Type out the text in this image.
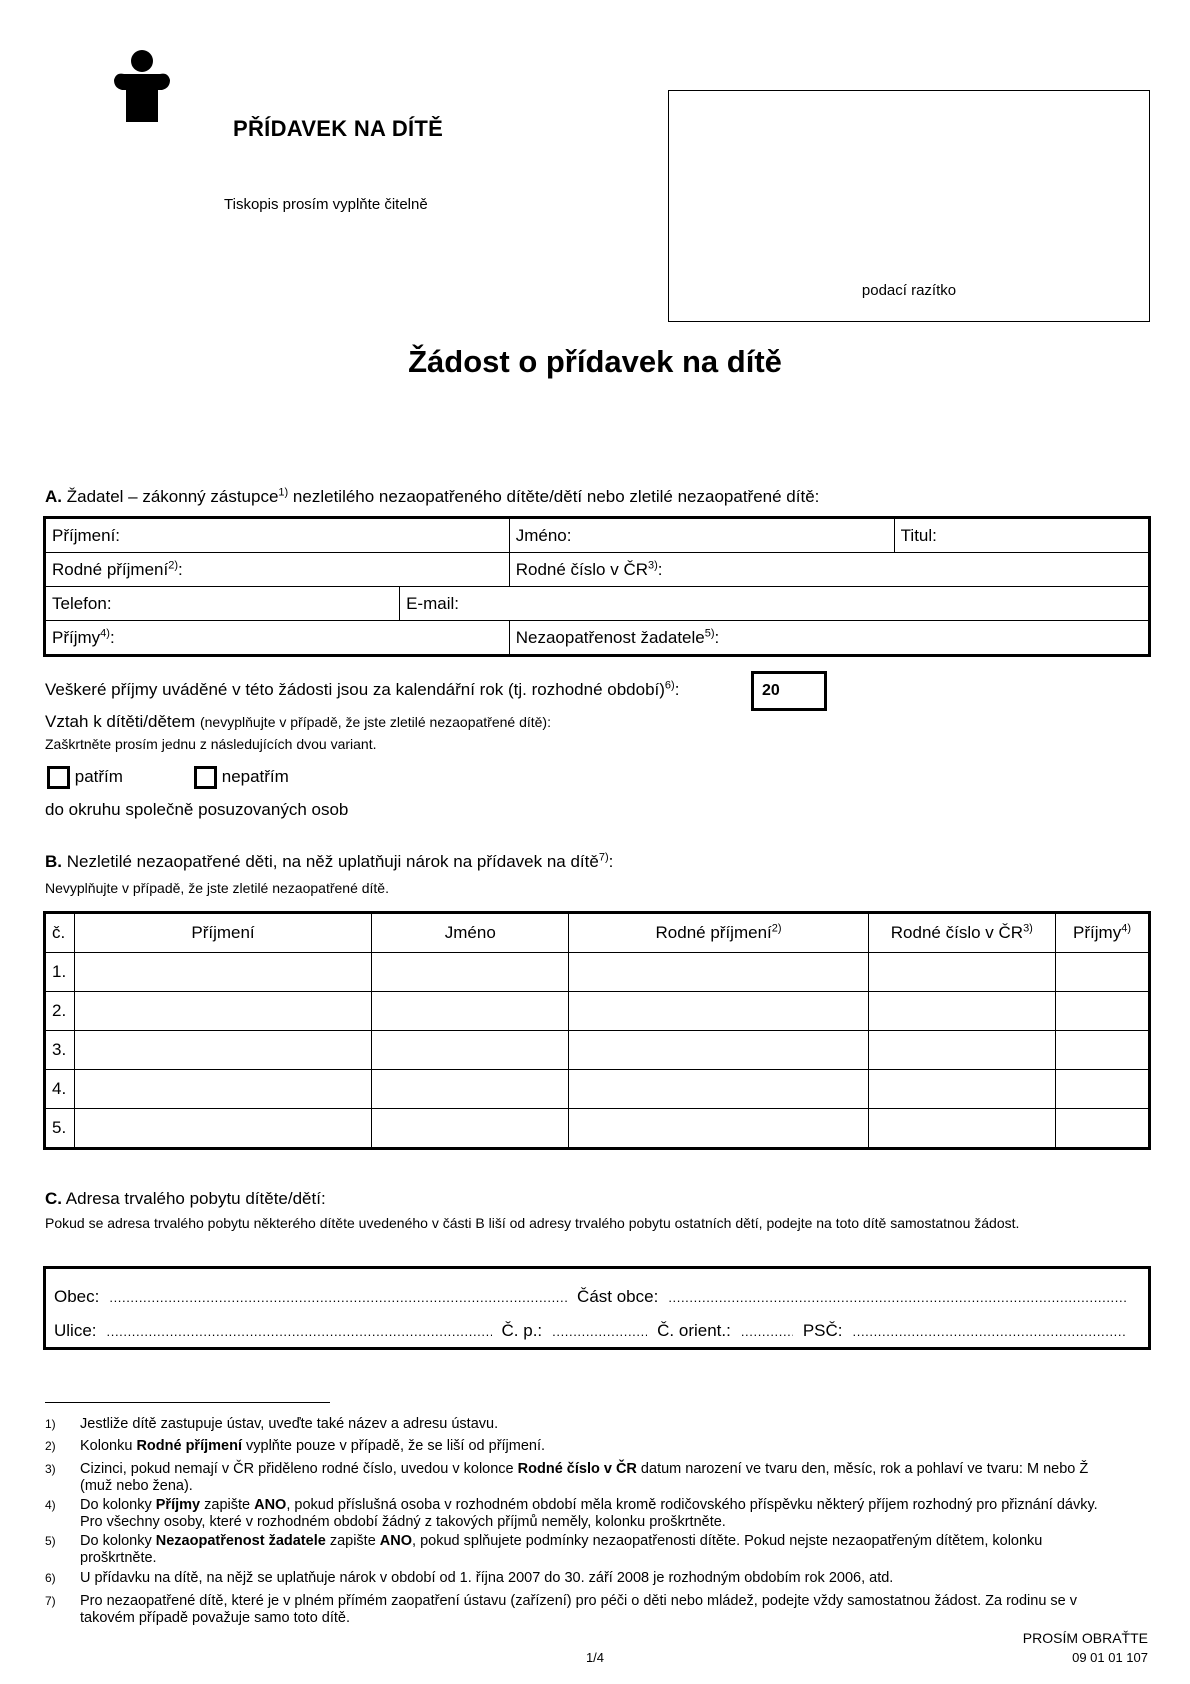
PŘÍDAVEK NA DÍTĚ
Tiskopis prosím vyplňte čitelně
podací razítko
Žádost o přídavek na dítě
A. Žadatel – zákonný zástupce$^{1)}$ nezletilého nezaopatřeného dítěte/dětí nebo zletilé nezaopatřené dítě:
Příjmení:		Jméno:	Titul:
Rodné příjmení$^{2)}$:		Rodné číslo v ČR$^{3)}$:	
Telefon:	E-mail:		
Příjmy$^{4)}$:		Nezaopatřenost žadatele$^{5)}$:	
Veškeré příjmy uváděné v této žádosti jsou za kalendářní rok (tj. rozhodné období)$^{6)}$:	20
Vztah k dítěti/dětem (nevyplňujte v případě, že jste zletilé nezaopatřené dítě):
Zaškrtněte prosím jednu z následujících dvou variant.
patřím	nepatřím
do okruhu společně posuzovaných osob
B. Nezletilé nezaopatřené děti, na něž uplatňuji nárok na přídavek na dítě$^{7)}$:
Nevyplňujte v případě, že jste zletilé nezaopatřené dítě.
č.	Příjmení	Jméno	Rodné příjmení$^{2)}$	Rodné číslo v ČR$^{3)}$	Příjmy$^{4)}$
1.					
2.					
3.					
4.					
5.					
C. Adresa trvalého pobytu dítěte/dětí:
Pokud se adresa trvalého pobytu některého dítěte uvedeného v části B liší od adresy trvalého pobytu ostatních dětí, podejte na toto dítě samostatnou žádost.
Obec: .....	Část obce:
.....
Ulice: .....	Č. p.: .....	Č. orient.: .....	PSČ:
.....
1) Jestliže dítě zastupuje ústav, uveďte také název a adresu ústavu.
2) Kolonku Rodné příjmení vyplňte pouze v případě, že se liší od příjmení.
3) Cizinci, pokud nemají v ČR přiděleno rodné číslo, uvedou v kolonce Rodné číslo v ČR datum narození ve tvaru den, měsíc, rok a pohlaví ve tvaru: M nebo Ž (muž nebo žena).
4) Do kolonky Příjmy zapište ANO, pokud příslušná osoba v rozhodném období měla kromě rodičovského příspěvku některý příjem rozhodný pro přiznání dávky. Pro všechny osoby, které v rozhodném období žádný z takových příjmů neměly, kolonku proškrtněte.
5) Do kolonky Nezaopatřenost žadatele zapište ANO, pokud splňujete podmínky nezaopatřenosti dítěte. Pokud nejste nezaopatřeným dítětem, kolonku proškrtněte.
6) U přídavku na dítě, na nějž se uplatňuje nárok v období od 1. října 2007 do 30. září 2008 je rozhodným obdobím rok 2006, atd.
7) Pro nezaopatřené dítě, které je v plném přímém zaopatření ústavu (zařízení) pro péči o děti nebo mládež, podejte vždy samostatnou žádost. Za rodinu se v takovém případě považuje samo toto dítě.
PROSÍM OBRAŤTE
1/4	09 01 01 107
